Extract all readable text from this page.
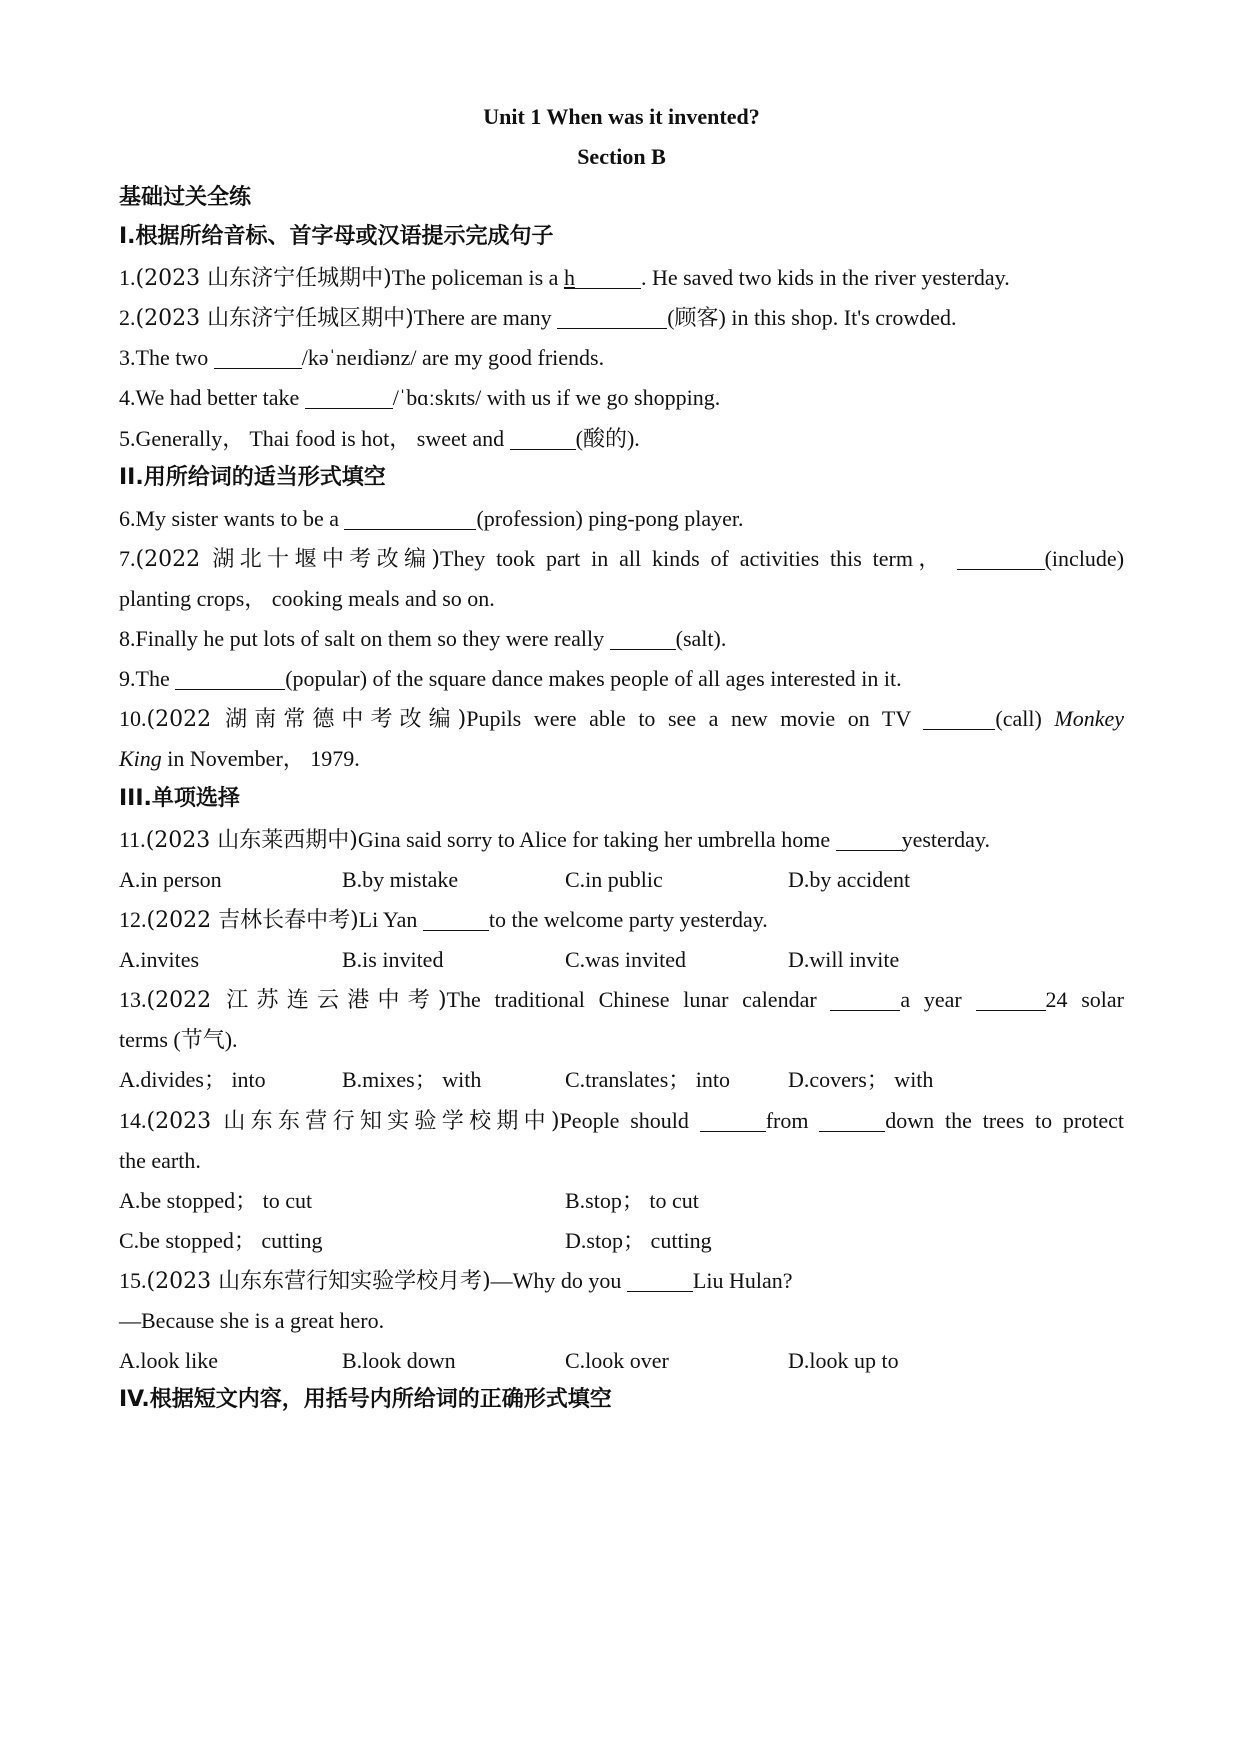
Unit 1 When was it invented?
Section B
基础过关全练
I.根据所给音标、首字母或汉语提示完成句子
1.(2023 山东济宁任城期中)The policeman is a h	. He saved two kids in the river yesterday.
2.(2023 山东济宁任城区期中)There are many	(顾客) in this shop. It's crowded.
3.The two	/kəˈneɪdiənz/ are my good friends.
4.We had better take	/ˈbɑːskɪts/ with us if we go shopping.
5.Generally， Thai food is hot， sweet and	(酸的).
II.用所给词的适当形式填空
6.My sister wants to be a	(profession) ping-pong player.
7.(2022 湖北十堰中考改编)They took part in all kinds of activities this term，	(include)
planting crops， cooking meals and so on.
8.Finally he put lots of salt on them so they were really	(salt).
9.The	(popular) of the square dance makes people of all ages interested in it.
10.(2022 湖南常德中考改编)Pupils were able to see a new movie on TV	(call) Monkey
King in November， 1979.
III.单项选择
11.(2023 山东莱西期中)Gina said sorry to Alice for taking her umbrella home	yesterday.
A.in person	B.by mistake	C.in public	D.by accident
12.(2022 吉林长春中考)Li Yan	to the welcome party yesterday.
A.invites	B.is invited	C.was invited	D.will invite
13.(2022 江苏连云港中考)The traditional Chinese lunar calendar	a year	24 solar
terms (节气).
A.divides； into	B.mixes； with	C.translates； into	D.covers； with
14.(2023 山东东营行知实验学校期中)People should	from	down the trees to protect
the earth.
A.be stopped； to cut	B.stop； to cut
C.be stopped； cutting	D.stop； cutting
15.(2023 山东东营行知实验学校月考)—Why do you	Liu Hulan?
—Because she is a great hero.
A.look like	B.look down	C.look over	D.look up to
IV.根据短文内容，用括号内所给词的正确形式填空
